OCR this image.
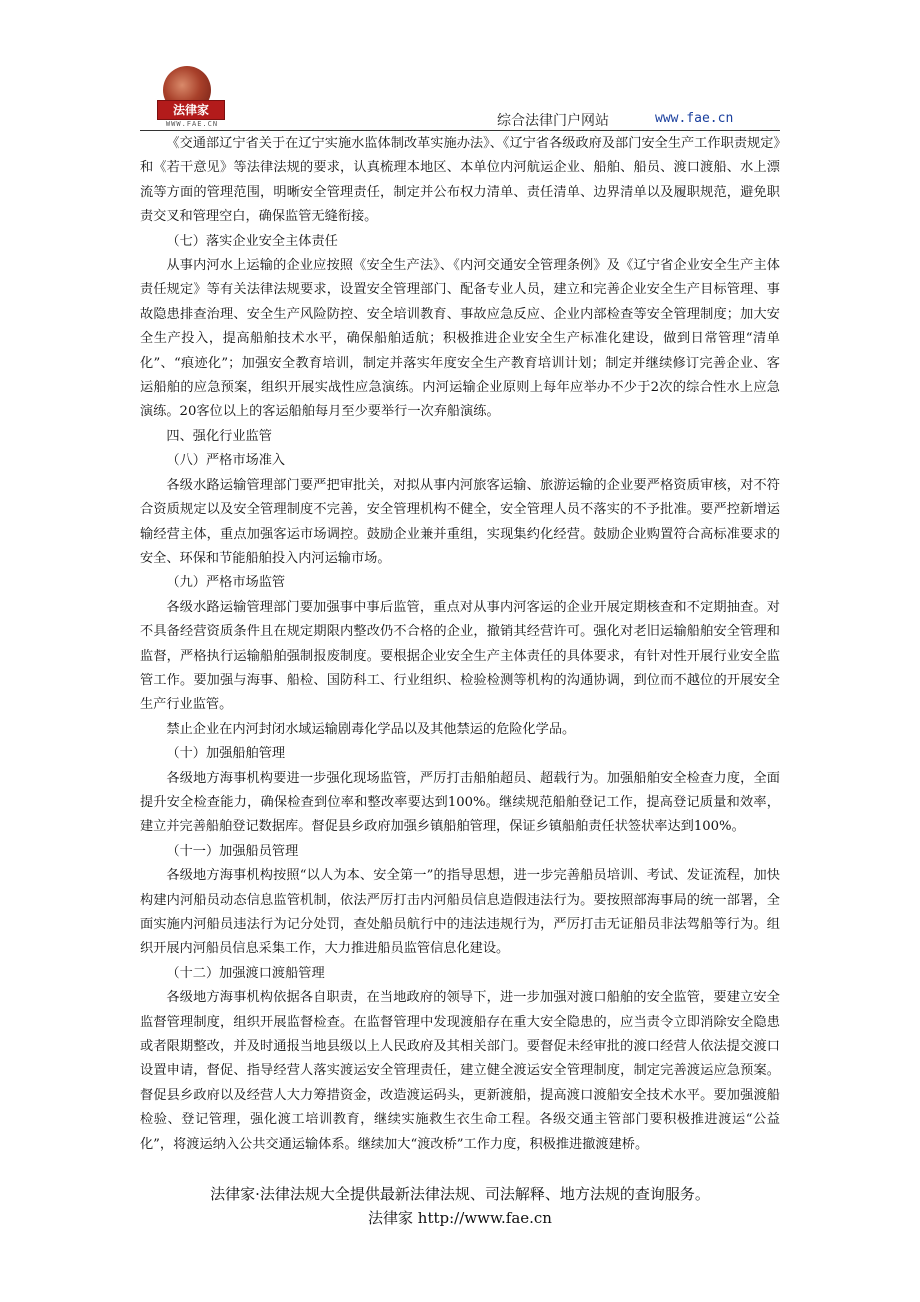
法律家
WWW.FAE.CN	综合法律门户网站	www.fae.cn

《交通部辽宁省关于在辽宁实施水监体制改革实施办法》、《辽宁省各级政府及部门安全生产工作职责规定》和《若干意见》等法律法规的要求，认真梳理本地区、本单位内河航运企业、船舶、船员、渡口渡船、水上漂流等方面的管理范围，明晰安全管理责任，制定并公布权力清单、责任清单、边界清单以及履职规范，避免职责交叉和管理空白，确保监管无缝衔接。

（七）落实企业安全主体责任

从事内河水上运输的企业应按照《安全生产法》、《内河交通安全管理条例》及《辽宁省企业安全生产主体责任规定》等有关法律法规要求，设置安全管理部门、配备专业人员，建立和完善企业安全生产目标管理、事故隐患排查治理、安全生产风险防控、安全培训教育、事故应急反应、企业内部检查等安全管理制度；加大安全生产投入，提高船舶技术水平，确保船舶适航；积极推进企业安全生产标准化建设，做到日常管理“清单化”、“痕迹化”；加强安全教育培训，制定并落实年度安全生产教育培训计划；制定并继续修订完善企业、客运船舶的应急预案，组织开展实战性应急演练。内河运输企业原则上每年应举办不少于2次的综合性水上应急演练。20客位以上的客运船舶每月至少要举行一次弃船演练。

四、强化行业监管

（八）严格市场准入

各级水路运输管理部门要严把审批关，对拟从事内河旅客运输、旅游运输的企业要严格资质审核，对不符合资质规定以及安全管理制度不完善，安全管理机构不健全，安全管理人员不落实的不予批准。要严控新增运输经营主体，重点加强客运市场调控。鼓励企业兼并重组，实现集约化经营。鼓励企业购置符合高标准要求的安全、环保和节能船舶投入内河运输市场。

（九）严格市场监管

各级水路运输管理部门要加强事中事后监管，重点对从事内河客运的企业开展定期核查和不定期抽查。对不具备经营资质条件且在规定期限内整改仍不合格的企业，撤销其经营许可。强化对老旧运输船舶安全管理和监督，严格执行运输船舶强制报废制度。要根据企业安全生产主体责任的具体要求，有针对性开展行业安全监管工作。要加强与海事、船检、国防科工、行业组织、检验检测等机构的沟通协调，到位而不越位的开展安全生产行业监管。

禁止企业在内河封闭水域运输剧毒化学品以及其他禁运的危险化学品。

（十）加强船舶管理

各级地方海事机构要进一步强化现场监管，严厉打击船舶超员、超载行为。加强船舶安全检查力度，全面提升安全检查能力，确保检查到位率和整改率要达到100%。继续规范船舶登记工作，提高登记质量和效率，建立并完善船舶登记数据库。督促县乡政府加强乡镇船舶管理，保证乡镇船舶责任状签状率达到100%。

（十一）加强船员管理

各级地方海事机构按照“以人为本、安全第一”的指导思想，进一步完善船员培训、考试、发证流程，加快构建内河船员动态信息监管机制，依法严厉打击内河船员信息造假违法行为。要按照部海事局的统一部署，全面实施内河船员违法行为记分处罚，查处船员航行中的违法违规行为，严厉打击无证船员非法驾船等行为。组织开展内河船员信息采集工作，大力推进船员监管信息化建设。

（十二）加强渡口渡船管理

各级地方海事机构依据各自职责，在当地政府的领导下，进一步加强对渡口船舶的安全监管，要建立安全监督管理制度，组织开展监督检查。在监督管理中发现渡船存在重大安全隐患的，应当责令立即消除安全隐患或者限期整改，并及时通报当地县级以上人民政府及其相关部门。要督促未经审批的渡口经营人依法提交渡口设置申请，督促、指导经营人落实渡运安全管理责任，建立健全渡运安全管理制度，制定完善渡运应急预案。督促县乡政府以及经营人大力筹措资金，改造渡运码头，更新渡船，提高渡口渡船安全技术水平。要加强渡船检验、登记管理，强化渡工培训教育，继续实施救生衣生命工程。各级交通主管部门要积极推进渡运“公益化”，将渡运纳入公共交通运输体系。继续加大“渡改桥”工作力度，积极推进撤渡建桥。

法律家·法律法规大全提供最新法律法规、司法解释、地方法规的查询服务。
法律家 http://www.fae.cn
